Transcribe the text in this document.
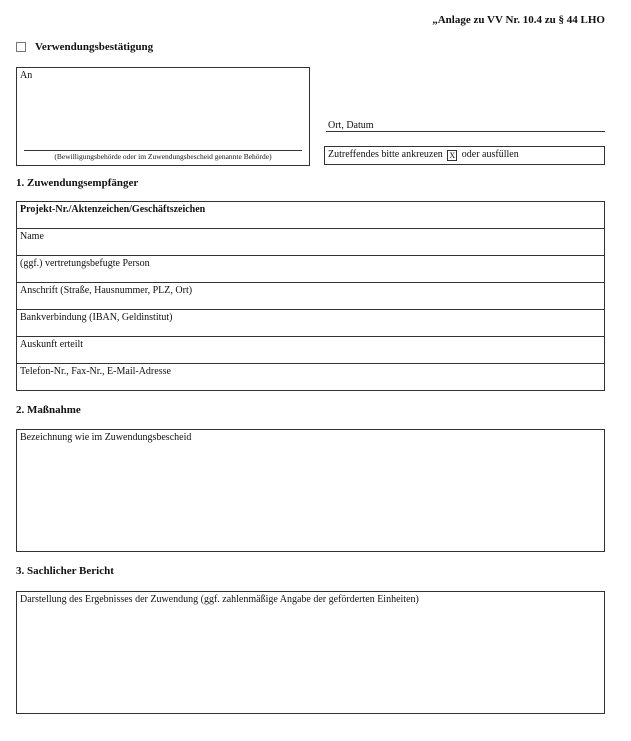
„Anlage zu VV Nr. 10.4 zu § 44 LHO
Verwendungsbestätigung
An
(Bewilligungsbehörde oder im Zuwendungsbescheid genannte Behörde)
Ort, Datum
Zutreffendes bitte ankreuzen X oder ausfüllen
1. Zuwendungsempfänger
Projekt-Nr./Aktenzeichen/Geschäftszeichen
Name
(ggf.) vertretungsbefugte Person
Anschrift (Straße, Hausnummer, PLZ, Ort)
Bankverbindung (IBAN, Geldinstitut)
Auskunft erteilt
Telefon-Nr., Fax-Nr., E-Mail-Adresse
2. Maßnahme
Bezeichnung wie im Zuwendungsbescheid
3. Sachlicher Bericht
Darstellung des Ergebnisses der Zuwendung (ggf. zahlenmäßige Angabe der geförderten Einheiten)
